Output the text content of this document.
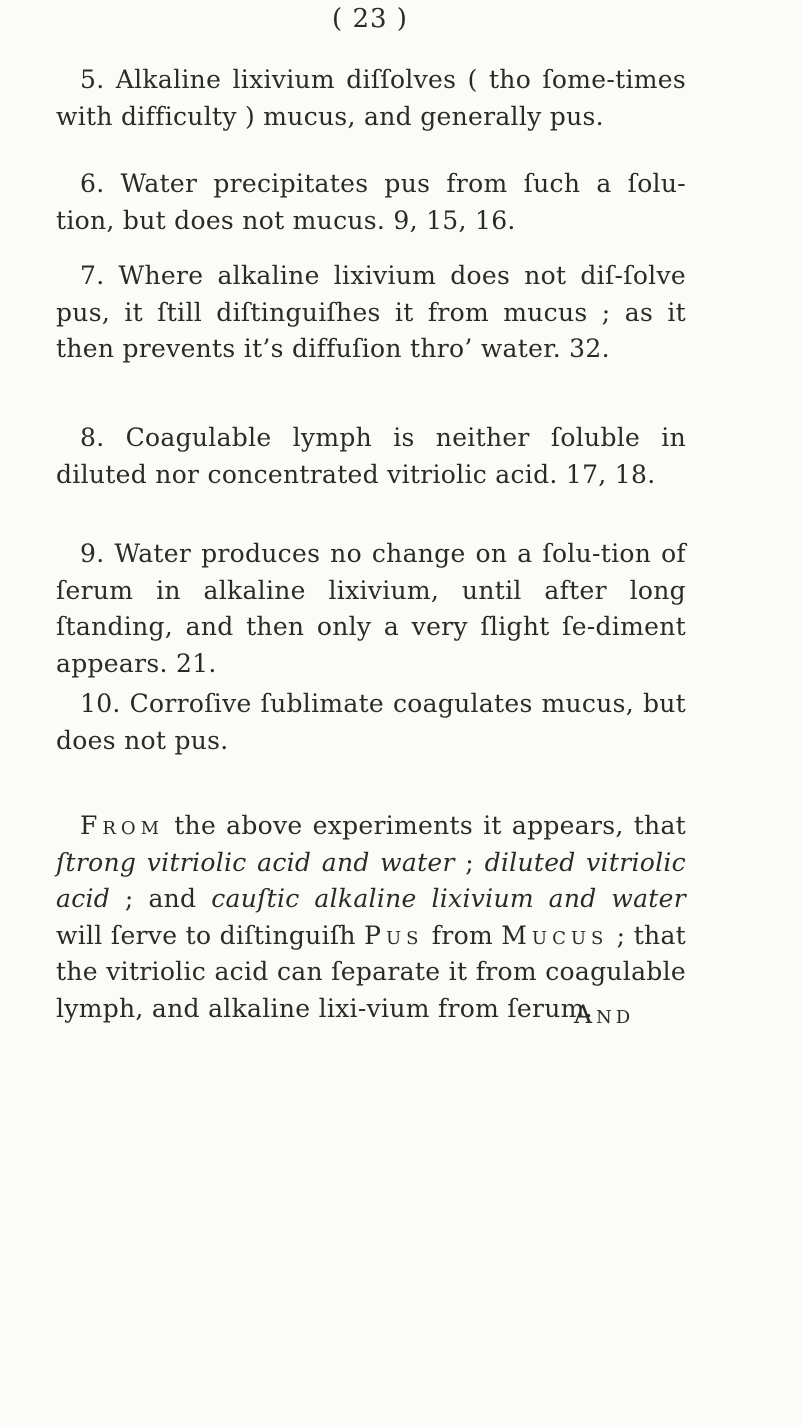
( 23 )

5. Alkaline lixivium diſſolves ( tho ſome-times with difficulty ) mucus, and generally pus.

6. Water precipitates pus from ſuch a ſolu-tion, but does not mucus. 9, 15, 16.

7. Where alkaline lixivium does not diſ-ſolve pus, it ſtill diſtinguiſhes it from mucus ; as it then prevents it’s diffuſion thro’ water. 32.

8. Coagulable lymph is neither ſoluble in diluted nor concentrated vitriolic acid. 17, 18.

9. Water produces no change on a ſolu-tion of ſerum in alkaline lixivium, until after long ſtanding, and then only a very ſlight ſe-diment appears. 21.

10. Corroſive ſublimate coagulates mucus, but does not pus.

From the above experiments it appears, that ſtrong vitriolic acid and water ; diluted vitriolic acid ; and cauſtic alkaline lixivium and water will ſerve to diſtinguiſh Pus from Mucus ; that the vitriolic acid can ſeparate it from coagulable lymph, and alkaline lixi-vium from ſerum.

And
